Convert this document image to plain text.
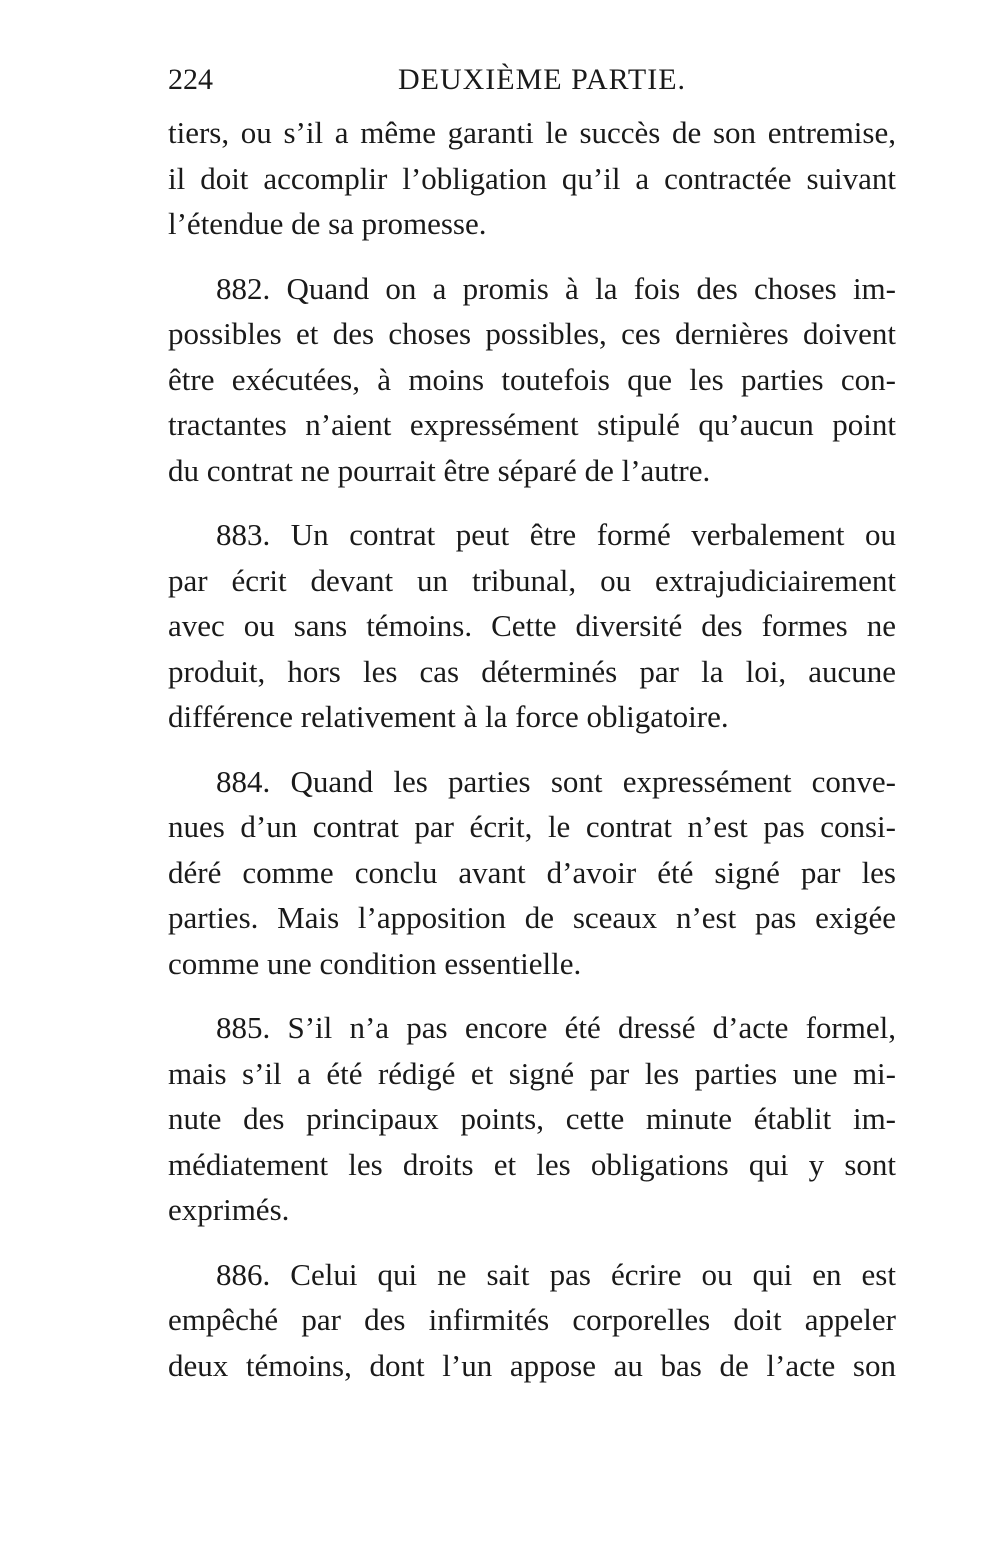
224	DEUXIÈME PARTIE.

tiers, ou s’il a même garanti le succès de son entremise,
il doit accomplir l’obligation qu’il a contractée suivant
l’étendue de sa promesse.

882. Quand on a promis à la fois des choses im-
possibles et des choses possibles, ces dernières doivent
être exécutées, à moins toutefois que les parties con-
tractantes n’aient expressément stipulé qu’aucun point
du contrat ne pourrait être séparé de l’autre.

883. Un contrat peut être formé verbalement ou
par écrit devant un tribunal, ou extrajudiciairement
avec ou sans témoins. Cette diversité des formes ne
produit, hors les cas déterminés par la loi, aucune
différence relativement à la force obligatoire.

884. Quand les parties sont expressément conve-
nues d’un contrat par écrit, le contrat n’est pas consi-
déré comme conclu avant d’avoir été signé par les
parties. Mais l’apposition de sceaux n’est pas exigée
comme une condition essentielle.

885. S’il n’a pas encore été dressé d’acte formel,
mais s’il a été rédigé et signé par les parties une mi-
nute des principaux points, cette minute établit im-
médiatement les droits et les obligations qui y sont
exprimés.

886. Celui qui ne sait pas écrire ou qui en est
empêché par des infirmités corporelles doit appeler
deux témoins, dont l’un appose au bas de l’acte son
